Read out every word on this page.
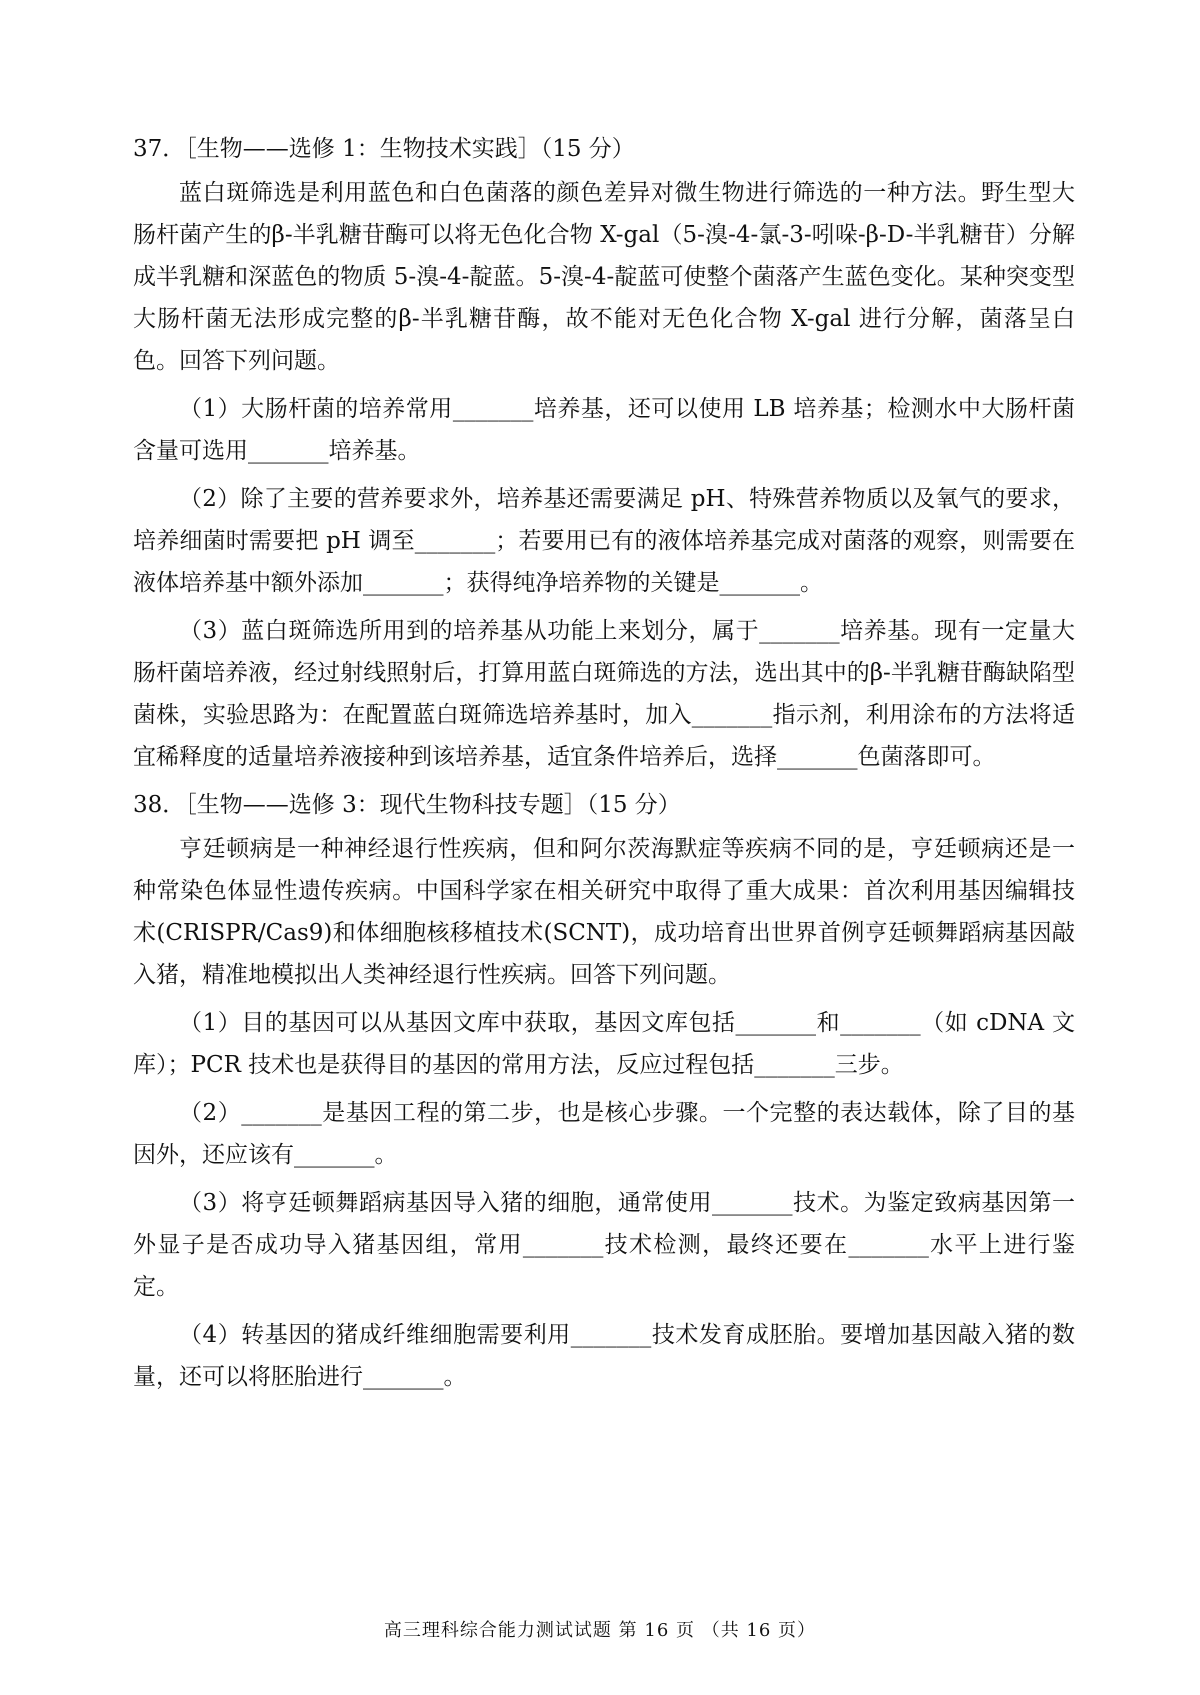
37．［生物——选修 1：生物技术实践］（15 分）

蓝白斑筛选是利用蓝色和白色菌落的颜色差异对微生物进行筛选的一种方法。野生型大肠杆菌产生的β-半乳糖苷酶可以将无色化合物 X-gal（5-溴-4-氯-3-吲哚-β-D-半乳糖苷）分解成半乳糖和深蓝色的物质 5-溴-4-靛蓝。5-溴-4-靛蓝可使整个菌落产生蓝色变化。某种突变型大肠杆菌无法形成完整的β-半乳糖苷酶，故不能对无色化合物 X-gal 进行分解，菌落呈白色。回答下列问题。

（1）大肠杆菌的培养常用_______培养基，还可以使用 LB 培养基；检测水中大肠杆菌含量可选用_______培养基。

（2）除了主要的营养要求外，培养基还需要满足 pH、特殊营养物质以及氧气的要求，培养细菌时需要把 pH 调至_______；若要用已有的液体培养基完成对菌落的观察，则需要在液体培养基中额外添加_______；获得纯净培养物的关键是_______。

（3）蓝白斑筛选所用到的培养基从功能上来划分，属于_______培养基。现有一定量大肠杆菌培养液，经过射线照射后，打算用蓝白斑筛选的方法，选出其中的β-半乳糖苷酶缺陷型菌株，实验思路为：在配置蓝白斑筛选培养基时，加入_______指示剂，利用涂布的方法将适宜稀释度的适量培养液接种到该培养基，适宜条件培养后，选择_______色菌落即可。

38．［生物——选修 3：现代生物科技专题］（15 分）

亨廷顿病是一种神经退行性疾病，但和阿尔茨海默症等疾病不同的是，亨廷顿病还是一种常染色体显性遗传疾病。中国科学家在相关研究中取得了重大成果：首次利用基因编辑技术(CRISPR/Cas9)和体细胞核移植技术(SCNT)，成功培育出世界首例亨廷顿舞蹈病基因敲入猪，精准地模拟出人类神经退行性疾病。回答下列问题。

（1）目的基因可以从基因文库中获取，基因文库包括_______和_______（如 cDNA 文库）；PCR 技术也是获得目的基因的常用方法，反应过程包括_______三步。

（2）_______是基因工程的第二步，也是核心步骤。一个完整的表达载体，除了目的基因外，还应该有_______。

（3）将亨廷顿舞蹈病基因导入猪的细胞，通常使用_______技术。为鉴定致病基因第一外显子是否成功导入猪基因组，常用_______技术检测，最终还要在_______水平上进行鉴定。

（4）转基因的猪成纤维细胞需要利用_______技术发育成胚胎。要增加基因敲入猪的数量，还可以将胚胎进行_______。

高三理科综合能力测试试题 第 16 页 （共 16 页）
